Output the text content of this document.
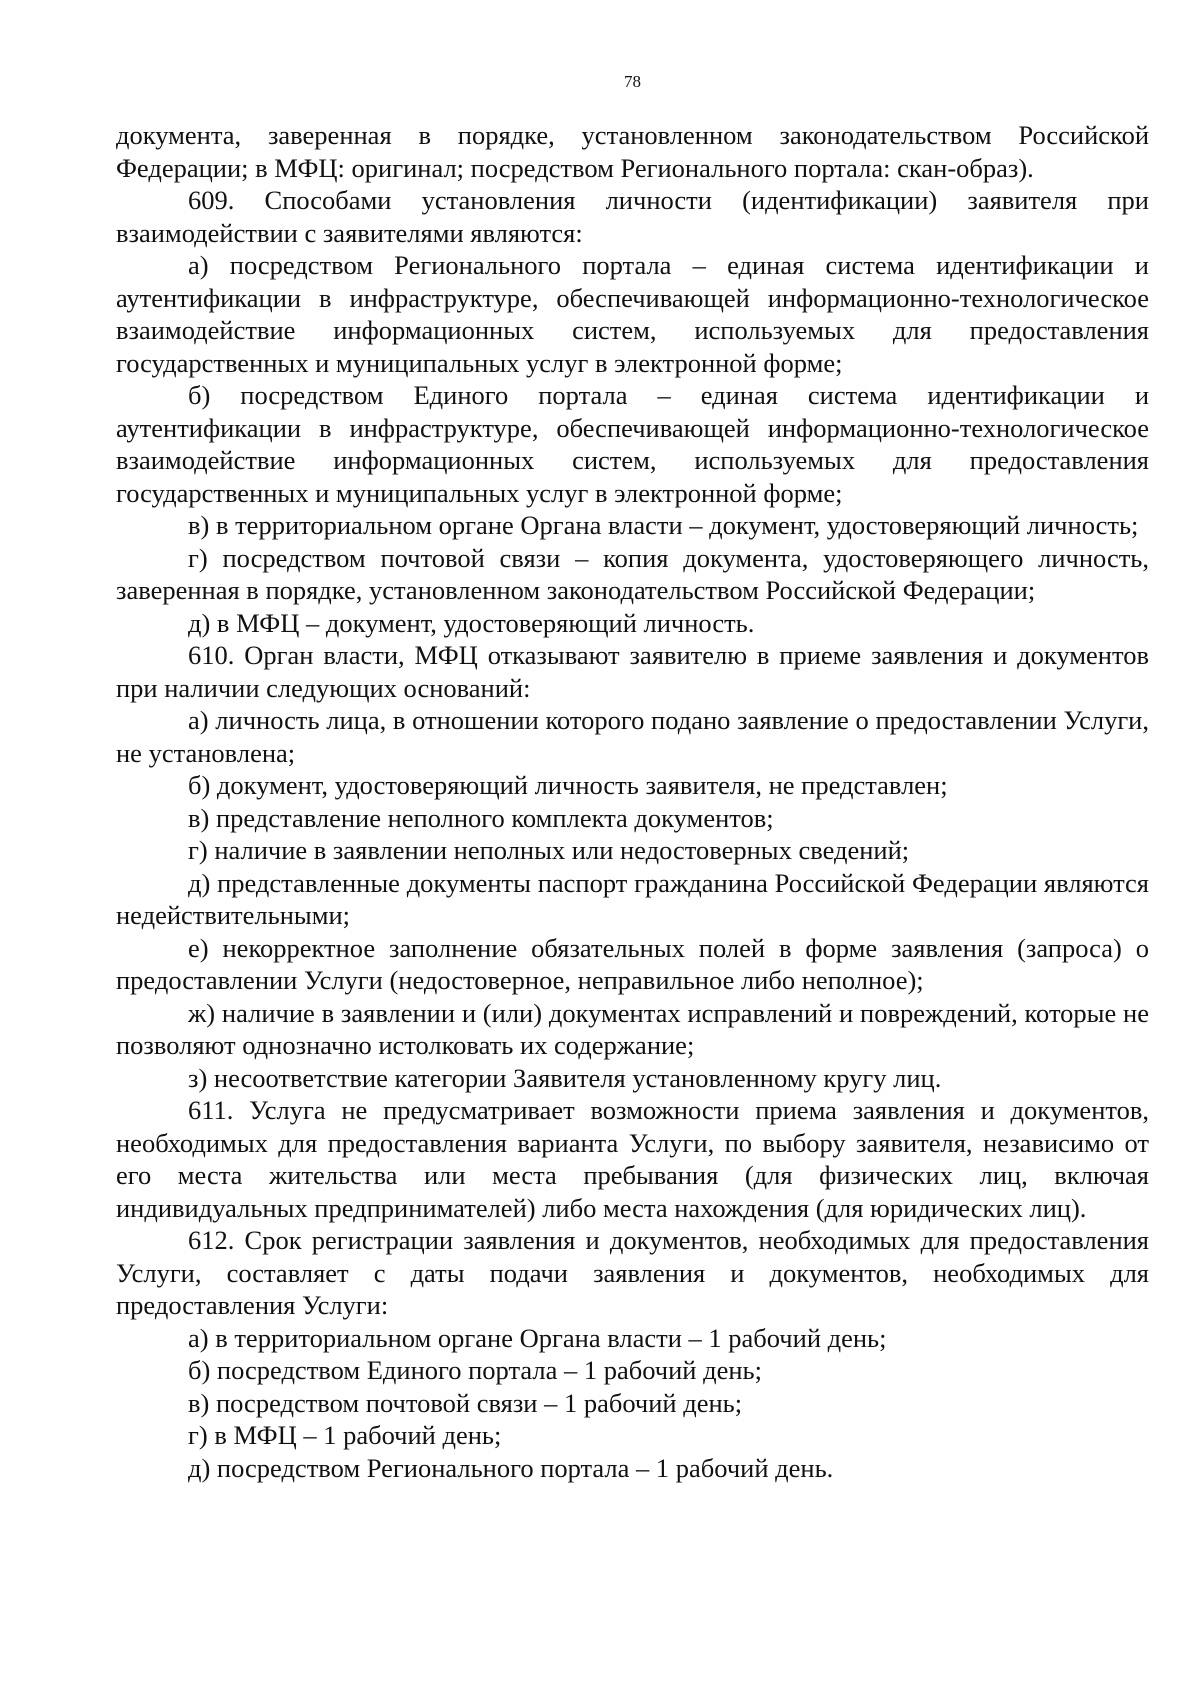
78

документа, заверенная в порядке, установленном законодательством Российской Федерации; в МФЦ: оригинал; посредством Регионального портала: скан-образ).

609. Способами установления личности (идентификации) заявителя при взаимодействии с заявителями являются:

а) посредством Регионального портала – единая система идентификации и аутентификации в инфраструктуре, обеспечивающей информационно-технологическое взаимодействие информационных систем, используемых для предоставления государственных и муниципальных услуг в электронной форме;

б) посредством Единого портала – единая система идентификации и аутентификации в инфраструктуре, обеспечивающей информационно-технологическое взаимодействие информационных систем, используемых для предоставления государственных и муниципальных услуг в электронной форме;

в) в территориальном органе Органа власти – документ, удостоверяющий личность;

г) посредством почтовой связи – копия документа, удостоверяющего личность, заверенная в порядке, установленном законодательством Российской Федерации;

д) в МФЦ – документ, удостоверяющий личность.

610. Орган власти, МФЦ отказывают заявителю в приеме заявления и документов при наличии следующих оснований:

а) личность лица, в отношении которого подано заявление о предоставлении Услуги, не установлена;

б) документ, удостоверяющий личность заявителя, не представлен;

в) представление неполного комплекта документов;

г) наличие в заявлении неполных или недостоверных сведений;

д) представленные документы паспорт гражданина Российской Федерации являются недействительными;

е) некорректное заполнение обязательных полей в форме заявления (запроса) о предоставлении Услуги (недостоверное, неправильное либо неполное);

ж) наличие в заявлении и (или) документах исправлений и повреждений, которые не позволяют однозначно истолковать их содержание;

з) несоответствие категории Заявителя установленному кругу лиц.

611. Услуга не предусматривает возможности приема заявления и документов, необходимых для предоставления варианта Услуги, по выбору заявителя, независимо от его места жительства или места пребывания (для физических лиц, включая индивидуальных предпринимателей) либо места нахождения (для юридических лиц).

612. Срок регистрации заявления и документов, необходимых для предоставления Услуги, составляет с даты подачи заявления и документов, необходимых для предоставления Услуги:

а) в территориальном органе Органа власти – 1 рабочий день;

б) посредством Единого портала – 1 рабочий день;

в) посредством почтовой связи – 1 рабочий день;

г) в МФЦ – 1 рабочий день;

д) посредством Регионального портала – 1 рабочий день.
